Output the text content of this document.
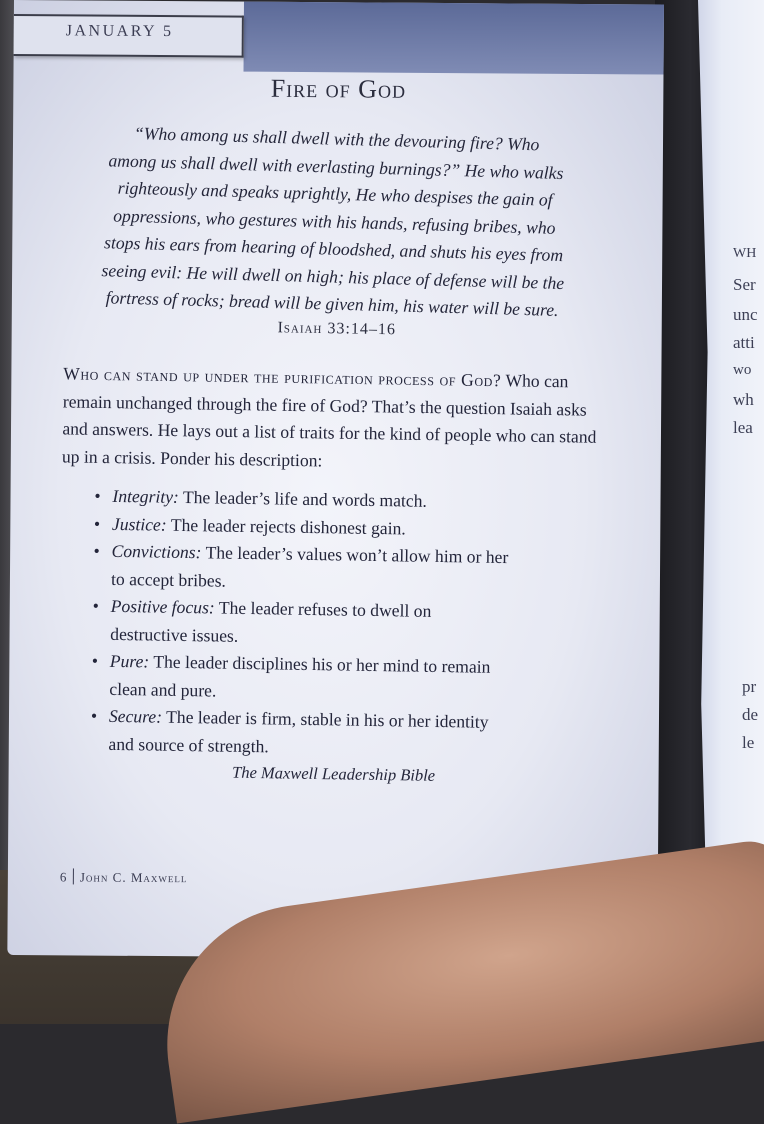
WH
Ser
unc
atti
wo
wh
lea
pr
de
le
JANUARY 5
Fire of God
“Who among us shall dwell with the devouring fire? Who
among us shall dwell with everlasting burnings?” He who walks
righteously and speaks uprightly, He who despises the gain of
oppressions, who gestures with his hands, refusing bribes, who
stops his ears from hearing of bloodshed, and shuts his eyes from
seeing evil: He will dwell on high; his place of defense will be the
fortress of rocks; bread will be given him, his water will be sure.
Isaiah 33:14–16
Who can stand up under the purification process of God? Who can remain unchanged through the fire of God? That’s the question Isaiah asks and answers. He lays out a list of traits for the kind of people who can stand up in a crisis. Ponder his description:
• Integrity: The leader’s life and words match.
• Justice: The leader rejects dishonest gain.
• Convictions: The leader’s values won’t allow him or her to accept bribes.
• Positive focus: The leader refuses to dwell on destructive issues.
• Pure: The leader disciplines his or her mind to remain clean and pure.
• Secure: The leader is firm, stable in his or her identity and source of strength.
The Maxwell Leadership Bible
6 John C. Maxwell
